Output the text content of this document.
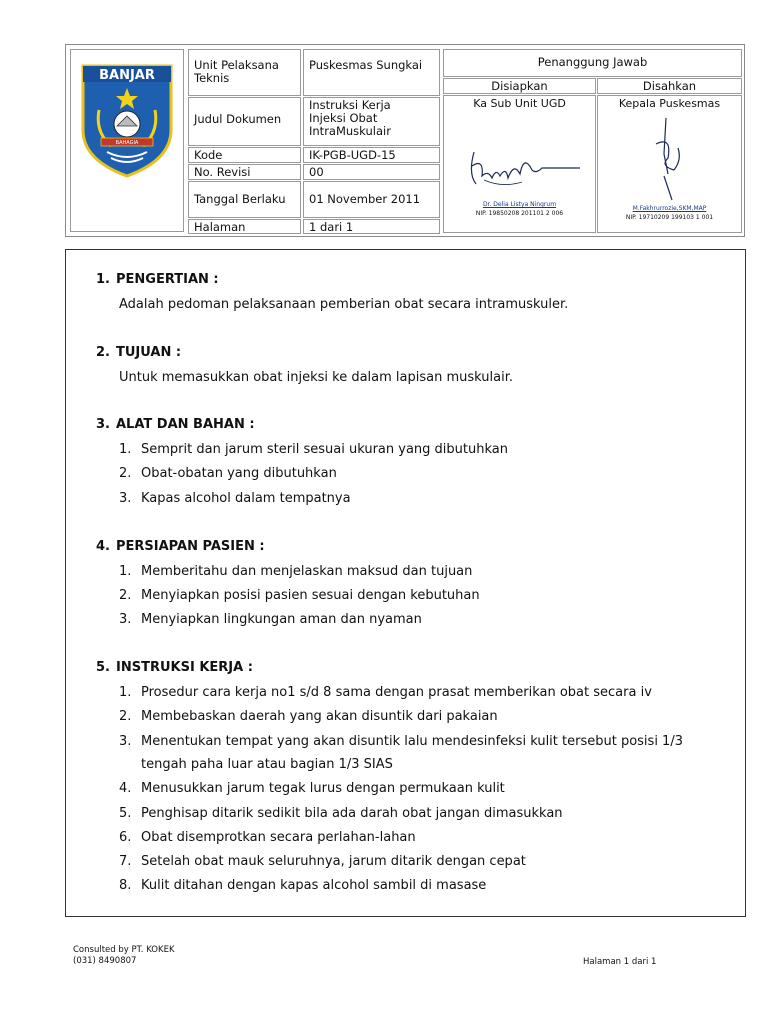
BANJAR
BAHAGIA
Unit Pelaksana Teknis
Judul Dokumen
Kode
No. Revisi
Tanggal Berlaku
Halaman
Puskesmas Sungkai
Instruksi Kerja Injeksi Obat IntraMuskulair
IK-PGB-UGD-15
00
01 November 2011
1 dari 1
Penanggung Jawab
Disiapkan	Disahkan
Ka Sub Unit UGD
Dr. Delia Listya Ningrum
NIP. 19850208 201101 2 006
Kepala Puskesmas
M.Fakhrurrozie,SKM,MAP
NIP. 19710209 199103 1 001
1. PENGERTIAN :
Adalah pedoman pelaksanaan pemberian obat secara intramuskuler.
2. TUJUAN :
Untuk memasukkan obat injeksi ke dalam lapisan muskulair.
3. ALAT DAN BAHAN :
1. Semprit dan jarum steril sesuai ukuran yang dibutuhkan
2. Obat-obatan yang dibutuhkan
3. Kapas alcohol dalam tempatnya
4. PERSIAPAN PASIEN :
1. Memberitahu dan menjelaskan maksud dan tujuan
2. Menyiapkan posisi pasien sesuai dengan kebutuhan
3. Menyiapkan lingkungan aman dan nyaman
5. INSTRUKSI KERJA :
1. Prosedur cara kerja no1 s/d 8 sama dengan prasat memberikan obat secara iv
2. Membebaskan daerah yang akan disuntik dari pakaian
3. Menentukan tempat yang akan disuntik lalu mendesinfeksi kulit tersebut posisi 1/3
tengah paha luar atau bagian 1/3 SIAS
4. Menusukkan jarum tegak lurus dengan permukaan kulit
5. Penghisap ditarik sedikit bila ada darah obat jangan dimasukkan
6. Obat disemprotkan secara perlahan-lahan
7. Setelah obat mauk seluruhnya, jarum ditarik dengan cepat
8. Kulit ditahan dengan kapas alcohol sambil di masase
Consulted by PT. KOKEK
(031) 8490807	Halaman 1 dari 1
